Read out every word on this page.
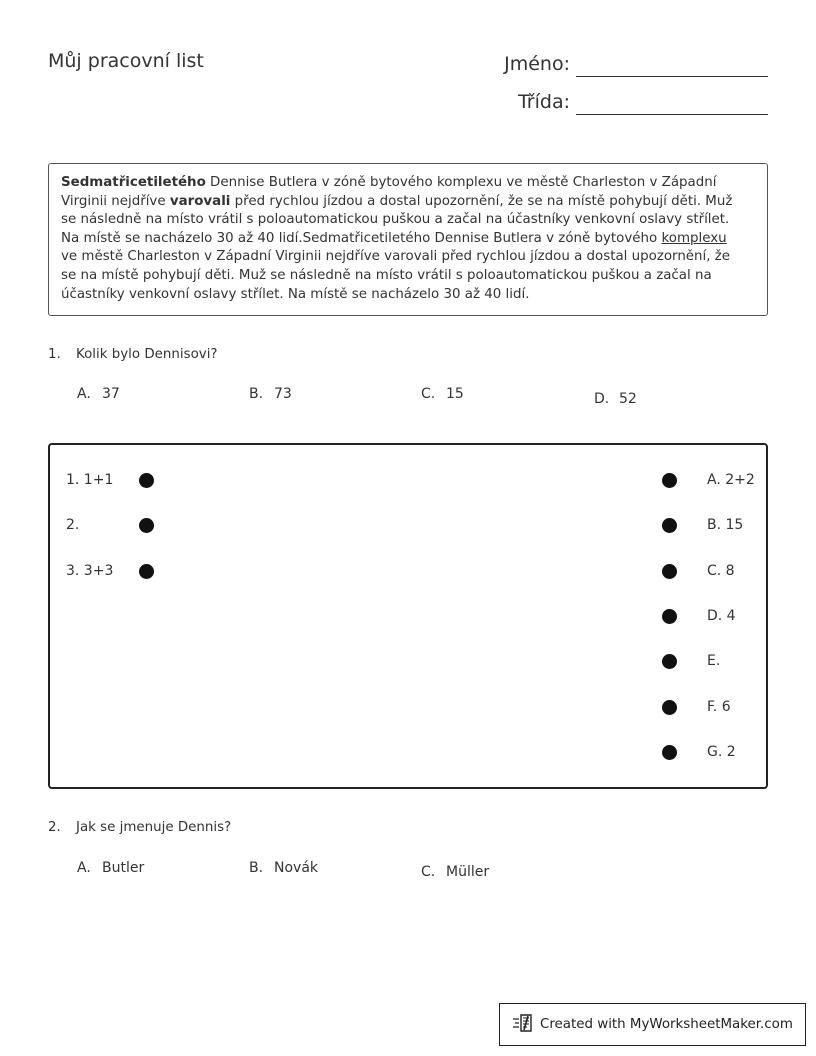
Můj pracovní list	Jméno:
Třída:
Sedmatřicetiletého Dennise Butlera v zóně bytového komplexu ve městě Charleston v Západní
Virginii nejdříve varovali před rychlou jízdou a dostal upozornění, že se na místě pohybují děti. Muž
se následně na místo vrátil s poloautomatickou puškou a začal na účastníky venkovní oslavy střílet.
Na místě se nacházelo 30 až 40 lidí.Sedmatřicetiletého Dennise Butlera v zóně bytového komplexu
ve městě Charleston v Západní Virginii nejdříve varovali před rychlou jízdou a dostal upozornění, že
se na místě pohybují děti. Muž se následně na místo vrátil s poloautomatickou puškou a začal na
účastníky venkovní oslavy střílet. Na místě se nacházelo 30 až 40 lidí.
1. Kolik bylo Dennisovi?
A. 37	B. 73	C. 15	D. 52
1. 1+1
2.
3. 3+3
A. 2+2
B. 15
C. 8
D. 4
E.
F. 6
G. 2
2. Jak se jmenuje Dennis?
A. Butler	B. Novák	C. Müller
Created with MyWorksheetMaker.com
